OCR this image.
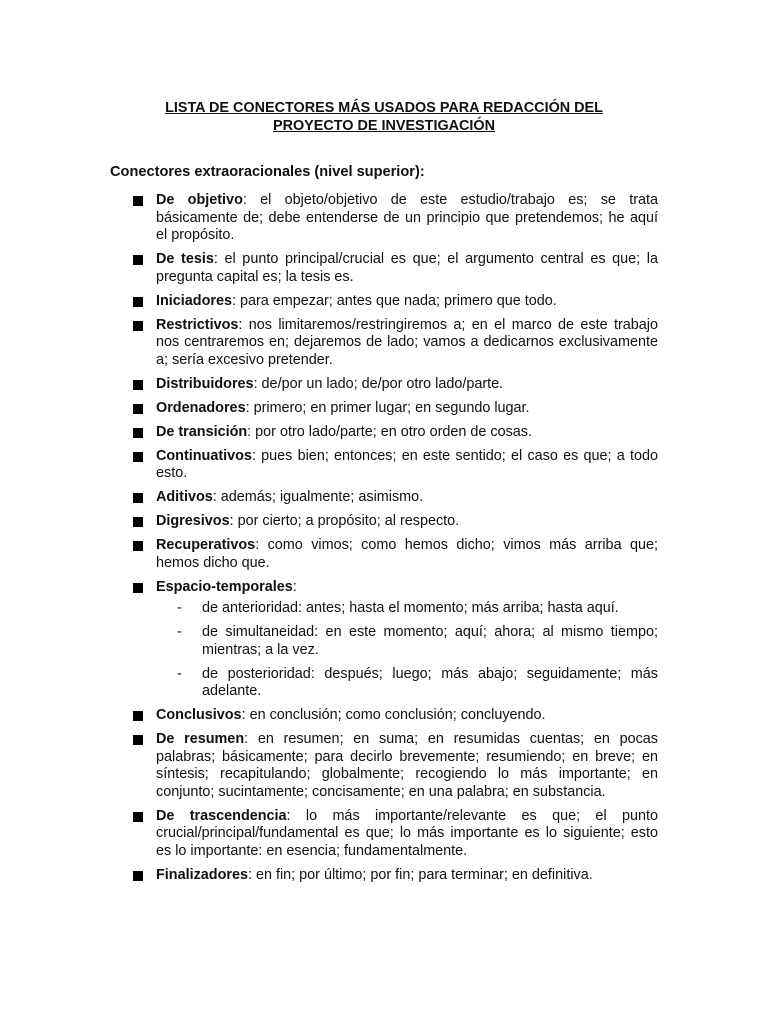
LISTA DE CONECTORES MÁS USADOS PARA REDACCIÓN DEL
PROYECTO DE INVESTIGACIÓN
Conectores extraoracionales (nivel superior):
De objetivo: el objeto/objetivo de este estudio/trabajo es; se trata básicamente de; debe entenderse de un principio que pretendemos; he aquí el propósito.
De tesis: el punto principal/crucial es que; el argumento central es que; la pregunta capital es; la tesis es.
Iniciadores: para empezar; antes que nada; primero que todo.
Restrictivos: nos limitaremos/restringiremos a; en el marco de este trabajo nos centraremos en; dejaremos de lado; vamos a dedicarnos exclusivamente a; sería excesivo pretender.
Distribuidores: de/por un lado; de/por otro lado/parte.
Ordenadores: primero; en primer lugar; en segundo lugar.
De transición: por otro lado/parte; en otro orden de cosas.
Continuativos: pues bien; entonces; en este sentido; el caso es que; a todo esto.
Aditivos: además; igualmente; asimismo.
Digresivos: por cierto; a propósito; al respecto.
Recuperativos: como vimos; como hemos dicho; vimos más arriba que; hemos dicho que.
Espacio-temporales:
- de anterioridad: antes; hasta el momento; más arriba; hasta aquí.
- de simultaneidad: en este momento; aquí; ahora; al mismo tiempo; mientras; a la vez.
- de posterioridad: después; luego; más abajo; seguidamente; más adelante.
Conclusivos: en conclusión; como conclusión; concluyendo.
De resumen: en resumen; en suma; en resumidas cuentas; en pocas palabras; básicamente; para decirlo brevemente; resumiendo; en breve; en síntesis; recapitulando; globalmente; recogiendo lo más importante; en conjunto; sucintamente; concisamente; en una palabra; en substancia.
De trascendencia: lo más importante/relevante es que; el punto crucial/principal/fundamental es que; lo más importante es lo siguiente; esto es lo importante: en esencia; fundamentalmente.
Finalizadores: en fin; por último; por fin; para terminar; en definitiva.
